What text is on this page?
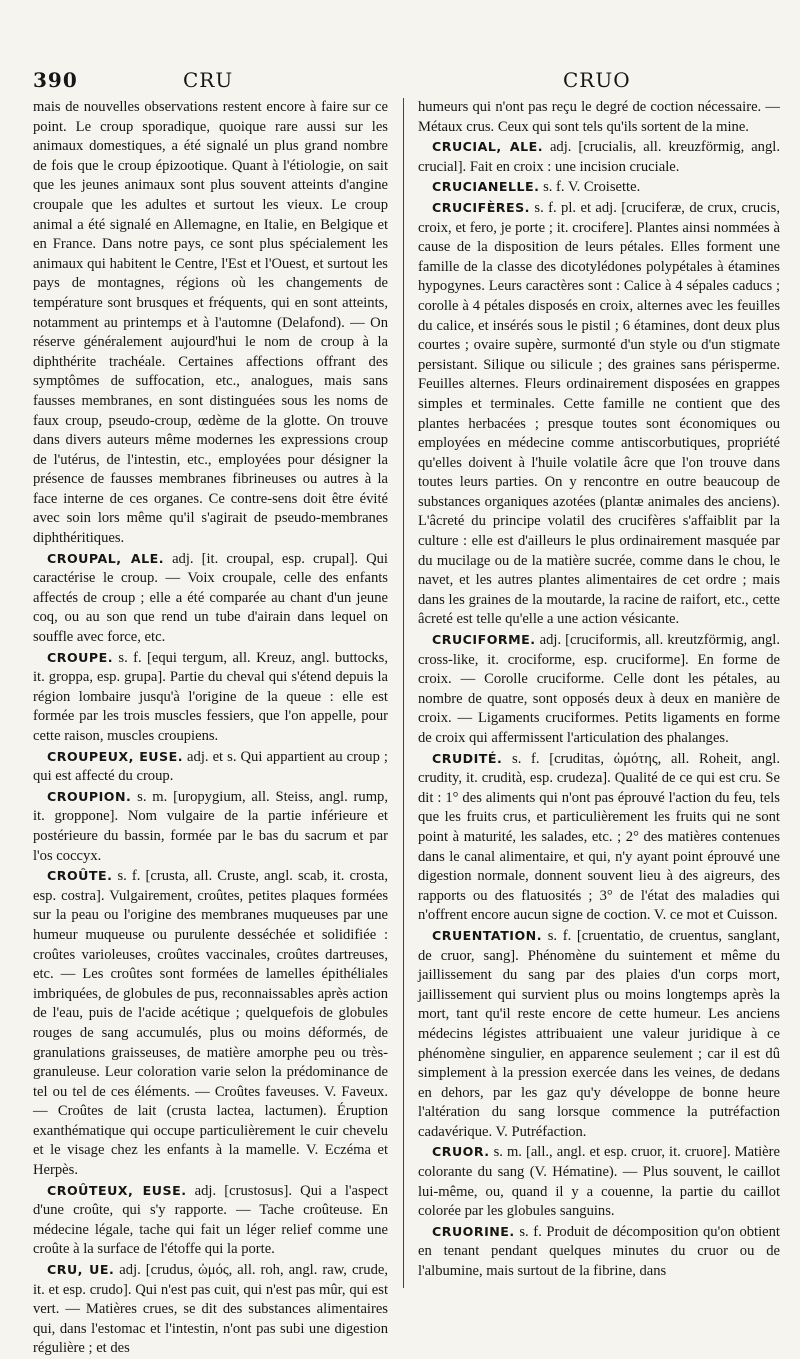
390	CRU	CRUO

mais de nouvelles observations restent encore à faire sur ce point. Le croup sporadique, quoique rare aussi sur les animaux domestiques, a été signalé un plus grand nombre de fois que le croup épizootique. Quant à l'étiologie, on sait que les jeunes animaux sont plus souvent atteints d'angine croupale que les adultes et surtout les vieux. Le croup animal a été signalé en Allemagne, en Italie, en Belgique et en France. Dans notre pays, ce sont plus spécialement les animaux qui habitent le Centre, l'Est et l'Ouest, et surtout les pays de montagnes, régions où les changements de température sont brusques et fréquents, qui en sont atteints, notamment au printemps et à l'automne (Delafond). — On réserve généralement aujourd'hui le nom de croup à la diphthérite trachéale. Certaines affections offrant des symptômes de suffocation, etc., analogues, mais sans fausses membranes, en sont distinguées sous les noms de faux croup, pseudo-croup, œdème de la glotte. On trouve dans divers auteurs même modernes les expressions croup de l'utérus, de l'intestin, etc., employées pour désigner la présence de fausses membranes fibrineuses ou autres à la face interne de ces organes. Ce contre-sens doit être évité avec soin lors même qu'il s'agirait de pseudo-membranes diphthéritiques.

CROUPAL, ALE. adj. [it. croupal, esp. crupal]. Qui caractérise le croup. — Voix croupale, celle des enfants affectés de croup ; elle a été comparée au chant d'un jeune coq, ou au son que rend un tube d'airain dans lequel on souffle avec force, etc.

CROUPE. s. f. [equi tergum, all. Kreuz, angl. buttocks, it. groppa, esp. grupa]. Partie du cheval qui s'étend depuis la région lombaire jusqu'à l'origine de la queue : elle est formée par les trois muscles fessiers, que l'on appelle, pour cette raison, muscles croupiens.

CROUPEUX, EUSE. adj. et s. Qui appartient au croup ; qui est affecté du croup.

CROUPION. s. m. [uropygium, all. Steiss, angl. rump, it. groppone]. Nom vulgaire de la partie inférieure et postérieure du bassin, formée par le bas du sacrum et par l'os coccyx.

CROÛTE. s. f. [crusta, all. Cruste, angl. scab, it. crosta, esp. costra]. Vulgairement, croûtes, petites plaques formées sur la peau ou l'origine des membranes muqueuses par une humeur muqueuse ou purulente desséchée et solidifiée : croûtes varioleuses, croûtes vaccinales, croûtes dartreuses, etc. — Les croûtes sont formées de lamelles épithéliales imbriquées, de globules de pus, reconnaissables après action de l'eau, puis de l'acide acétique ; quelquefois de globules rouges de sang accumulés, plus ou moins déformés, de granulations graisseuses, de matière amorphe peu ou très-granuleuse. Leur coloration varie selon la prédominance de tel ou tel de ces éléments. — Croûtes faveuses. V. Faveux. — Croûtes de lait (crusta lactea, lactumen). Éruption exanthématique qui occupe particulièrement le cuir chevelu et le visage chez les enfants à la mamelle. V. Eczéma et Herpès.

CROÛTEUX, EUSE. adj. [crustosus]. Qui a l'aspect d'une croûte, qui s'y rapporte. — Tache croûteuse. En médecine légale, tache qui fait un léger relief comme une croûte à la surface de l'étoffe qui la porte.

CRU, UE. adj. [crudus, ὠμός, all. roh, angl. raw, crude, it. et esp. crudo]. Qui n'est pas cuit, qui n'est pas mûr, qui est vert. — Matières crues, se dit des substances alimentaires qui, dans l'estomac et l'intestin, n'ont pas subi une digestion régulière ; et des

humeurs qui n'ont pas reçu le degré de coction nécessaire. — Métaux crus. Ceux qui sont tels qu'ils sortent de la mine.

CRUCIAL, ALE. adj. [crucialis, all. kreuzförmig, angl. crucial]. Fait en croix : une incision cruciale.

CRUCIANELLE. s. f. V. Croisette.

CRUCIFÈRES. s. f. pl. et adj. [cruciferæ, de crux, crucis, croix, et fero, je porte ; it. crocifere]. Plantes ainsi nommées à cause de la disposition de leurs pétales. Elles forment une famille de la classe des dicotylédones polypétales à étamines hypogynes. Leurs caractères sont : Calice à 4 sépales caducs ; corolle à 4 pétales disposés en croix, alternes avec les feuilles du calice, et insérés sous le pistil ; 6 étamines, dont deux plus courtes ; ovaire supère, surmonté d'un style ou d'un stigmate persistant. Silique ou silicule ; des graines sans périsperme. Feuilles alternes. Fleurs ordinairement disposées en grappes simples et terminales. Cette famille ne contient que des plantes herbacées ; presque toutes sont économiques ou employées en médecine comme antiscorbutiques, propriété qu'elles doivent à l'huile volatile âcre que l'on trouve dans toutes leurs parties. On y rencontre en outre beaucoup de substances organiques azotées (plantæ animales des anciens). L'âcreté du principe volatil des crucifères s'affaiblit par la culture : elle est d'ailleurs le plus ordinairement masquée par du mucilage ou de la matière sucrée, comme dans le chou, le navet, et les autres plantes alimentaires de cet ordre ; mais dans les graines de la moutarde, la racine de raifort, etc., cette âcreté est telle qu'elle a une action vésicante.

CRUCIFORME. adj. [cruciformis, all. kreutzförmig, angl. cross-like, it. crociforme, esp. cruciforme]. En forme de croix. — Corolle cruciforme. Celle dont les pétales, au nombre de quatre, sont opposés deux à deux en manière de croix. — Ligaments cruciformes. Petits ligaments en forme de croix qui affermissent l'articulation des phalanges.

CRUDITÉ. s. f. [cruditas, ὠμότης, all. Roheit, angl. crudity, it. crudità, esp. crudeza]. Qualité de ce qui est cru. Se dit : 1° des aliments qui n'ont pas éprouvé l'action du feu, tels que les fruits crus, et particulièrement les fruits qui ne sont point à maturité, les salades, etc. ; 2° des matières contenues dans le canal alimentaire, et qui, n'y ayant point éprouvé une digestion normale, donnent souvent lieu à des aigreurs, des rapports ou des flatuosités ; 3° de l'état des maladies qui n'offrent encore aucun signe de coction. V. ce mot et Cuisson.

CRUENTATION. s. f. [cruentatio, de cruentus, sanglant, de cruor, sang]. Phénomène du suintement et même du jaillissement du sang par des plaies d'un corps mort, jaillissement qui survient plus ou moins longtemps après la mort, tant qu'il reste encore de cette humeur. Les anciens médecins légistes attribuaient une valeur juridique à ce phénomène singulier, en apparence seulement ; car il est dû simplement à la pression exercée dans les veines, de dedans en dehors, par les gaz qu'y développe de bonne heure l'altération du sang lorsque commence la putréfaction cadavérique. V. Putréfaction.

CRUOR. s. m. [all., angl. et esp. cruor, it. cruore]. Matière colorante du sang (V. Hématine). — Plus souvent, le caillot lui-même, ou, quand il y a couenne, la partie du caillot colorée par les globules sanguins.

CRUORINE. s. f. Produit de décomposition qu'on obtient en tenant pendant quelques minutes du cruor ou de l'albumine, mais surtout de la fibrine, dans
